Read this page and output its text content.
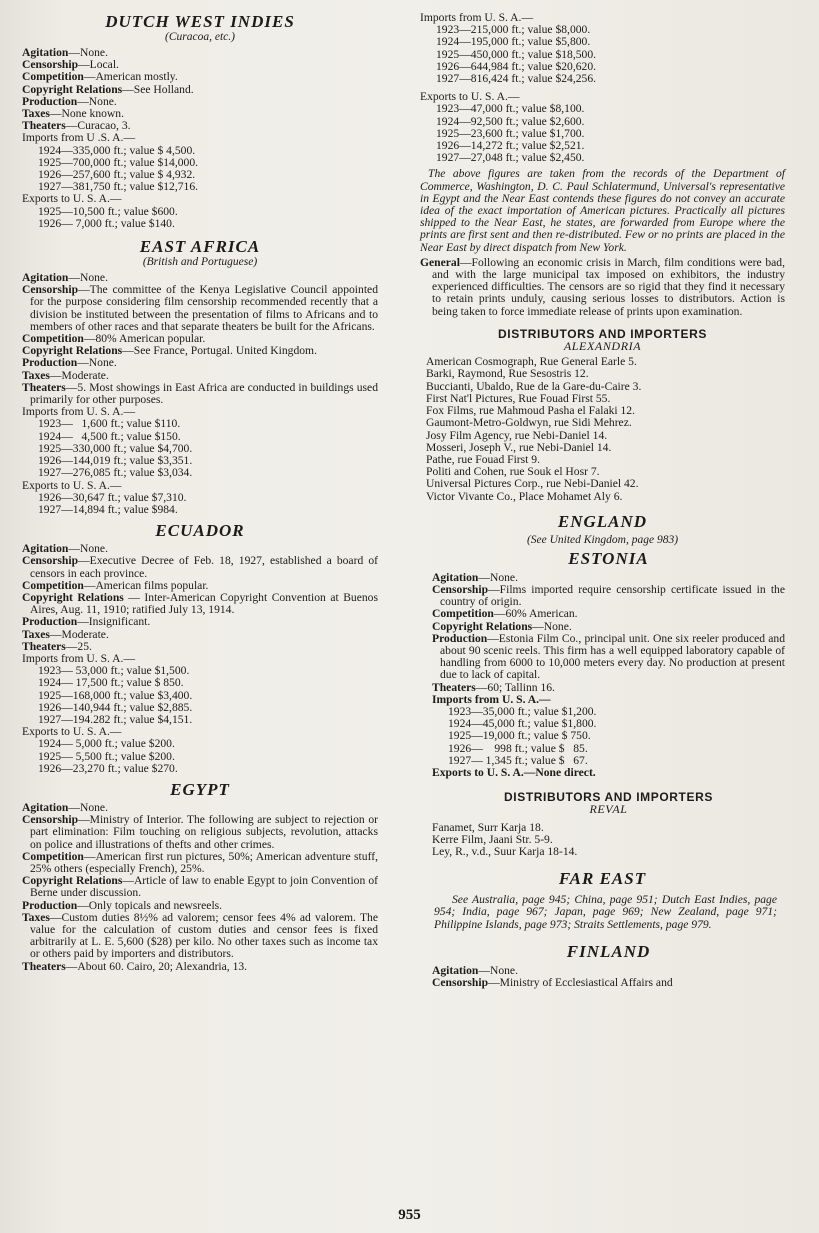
DUTCH WEST INDIES
(Curacoa, etc.)

Agitation—None.

Censorship—Local.

Competition—American mostly.

Copyright Relations—See Holland.

Production—None.

Taxes—None known.

Theaters—Curacao, 3.

Imports from U .S. A.—

1924—335,000 ft.; value $ 4,500.
1925—700,000 ft.; value $14,000.
1926—257,600 ft.; value $ 4,932.
1927—381,750 ft.; value $12,716.

Exports to U. S. A.—

1925—10,500 ft.; value $600.
1926— 7,000 ft.; value $140.
EAST AFRICA
(British and Portuguese)

Agitation—None.

Censorship—The committee of the Kenya Legislative Council appointed for the purpose considering film censorship recommended recently that a division be instituted between the presentation of films to Africans and to members of other races and that separate theaters be built for the Africans.

Competition—80% American popular.

Copyright Relations—See France, Portugal. United Kingdom.

Production—None.

Taxes—Moderate.

Theaters—5. Most showings in East Africa are conducted in buildings used primarily for other purposes.

Imports from U. S. A.—

1923—   1,600 ft.; value $110.
1924—   4,500 ft.; value $150.
1925—330,000 ft.; value $4,700.
1926—144,019 ft.; value $3,351.
1927—276,085 ft.; value $3,034.

Exports to U. S. A.—

1926—30,647 ft.; value $7,310.
1927—14,894 ft.; value $984.
ECUADOR

Agitation—None.

Censorship—Executive Decree of Feb. 18, 1927, established a board of censors in each province.

Competition—American films popular.

Copyright Relations — Inter-American Copyright Convention at Buenos Aires, Aug. 11, 1910; ratified July 13, 1914.

Production—Insignificant.

Taxes—Moderate.

Theaters—25.

Imports from U. S. A.—

1923— 53,000 ft.; value $1,500.
1924— 17,500 ft.; value $ 850.
1925—168,000 ft.; value $3,400.
1926—140,944 ft.; value $2,885.
1927—194.282 ft.; value $4,151.

Exports to U. S. A.—

1924— 5,000 ft.; value $200.
1925— 5,500 ft.; value $200.
1926—23,270 ft.; value $270.
EGYPT

Agitation—None.

Censorship—Ministry of Interior. The following are subject to rejection or part elimination: Film touching on religious subjects, revolution, attacks on police and illustrations of thefts and other crimes.

Competition—American first run pictures, 50%; American adventure stuff, 25% others (especially French), 25%.

Copyright Relations—Article of law to enable Egypt to join Convention of Berne under discussion.

Production—Only topicals and newsreels.

Taxes—Custom duties 8½% ad valorem; censor fees 4% ad valorem. The value for the calculation of custom duties and censor fees is fixed arbitrarily at L. E. 5,600 ($28) per kilo. No other taxes such as income tax or others paid by importers and distributors.

Theaters—About 60. Cairo, 20; Alexandria, 13.

Imports from U. S. A.—

1923—215,000 ft.; value $8,000.
1924—195,000 ft.; value $5,800.
1925—450,000 ft.; value $18,500.
1926—644,984 ft.; value $20,620.
1927—816,424 ft.; value $24,256.

Exports to U. S. A.—

1923—47,000 ft.; value $8,100.
1924—92,500 ft.; value $2,600.
1925—23,600 ft.; value $1,700.
1926—14,272 ft.; value $2,521.
1927—27,048 ft.; value $2,450.

The above figures are taken from the records of the Department of Commerce, Washington, D. C. Paul Schlatermund, Universal's representative in Egypt and the Near East contends these figures do not convey an accurate idea of the exact importation of American pictures. Practically all pictures shipped to the Near East, he states, are forwarded from Europe where the prints are first sent and then re-distributed. Few or no prints are placed in the Near East by direct dispatch from New York.

General—Following an economic crisis in March, film conditions were bad, and with the large municipal tax imposed on exhibitors, the industry experienced difficulties. The censors are so rigid that they find it necessary to retain prints unduly, causing serious losses to distributors. Action is being taken to force immediate release of prints upon examination.

DISTRIBUTORS AND IMPORTERS
ALEXANDRIA

American Cosmograph, Rue General Earle 5.

Barki, Raymond, Rue Sesostris 12.

Buccianti, Ubaldo, Rue de la Gare-du-Caire 3.

First Nat'l Pictures, Rue Fouad First 55.

Fox Films, rue Mahmoud Pasha el Falaki 12.

Gaumont-Metro-Goldwyn, rue Sidi Mehrez.

Josy Film Agency, rue Nebi-Daniel 14.

Mosseri, Joseph V., rue Nebi-Daniel 14.

Pathe, rue Fouad First 9.

Politi and Cohen, rue Souk el Hosr 7.

Universal Pictures Corp., rue Nebi-Daniel 42.

Victor Vivante Co., Place Mohamet Aly 6.

ENGLAND
(See United Kingdom, page 983)
ESTONIA

Agitation—None.

Censorship—Films imported require censorship certificate issued in the country of origin.

Competition—60% American.

Copyright Relations—None.

Production—Estonia Film Co., principal unit. One six reeler produced and about 90 scenic reels. This firm has a well equipped laboratory capable of handling from 6000 to 10,000 meters every day. No production at present due to lack of capital.

Theaters—60; Tallinn 16.

Imports from U. S. A.—

1923—35,000 ft.; value $1,200.
1924—45,000 ft.; value $1,800.
1925—19,000 ft.; value $ 750.
1926—    998 ft.; value $   85.
1927— 1,345 ft.; value $   67.

Exports to U. S. A.—None direct.

DISTRIBUTORS AND IMPORTERS
REVAL

Fanamet, Surr Karja 18.

Kerre Film, Jaani Str. 5-9.

Ley, R., v.d., Suur Karja 18-14.

FAR EAST

See Australia, page 945; China, page 951; Dutch East Indies, page 954; India, page 967; Japan, page 969; New Zealand, page 971; Philippine Islands, page 973; Straits Settlements, page 979.

FINLAND

Agitation—None.

Censorship—Ministry of Ecclesiastical Affairs and

955
